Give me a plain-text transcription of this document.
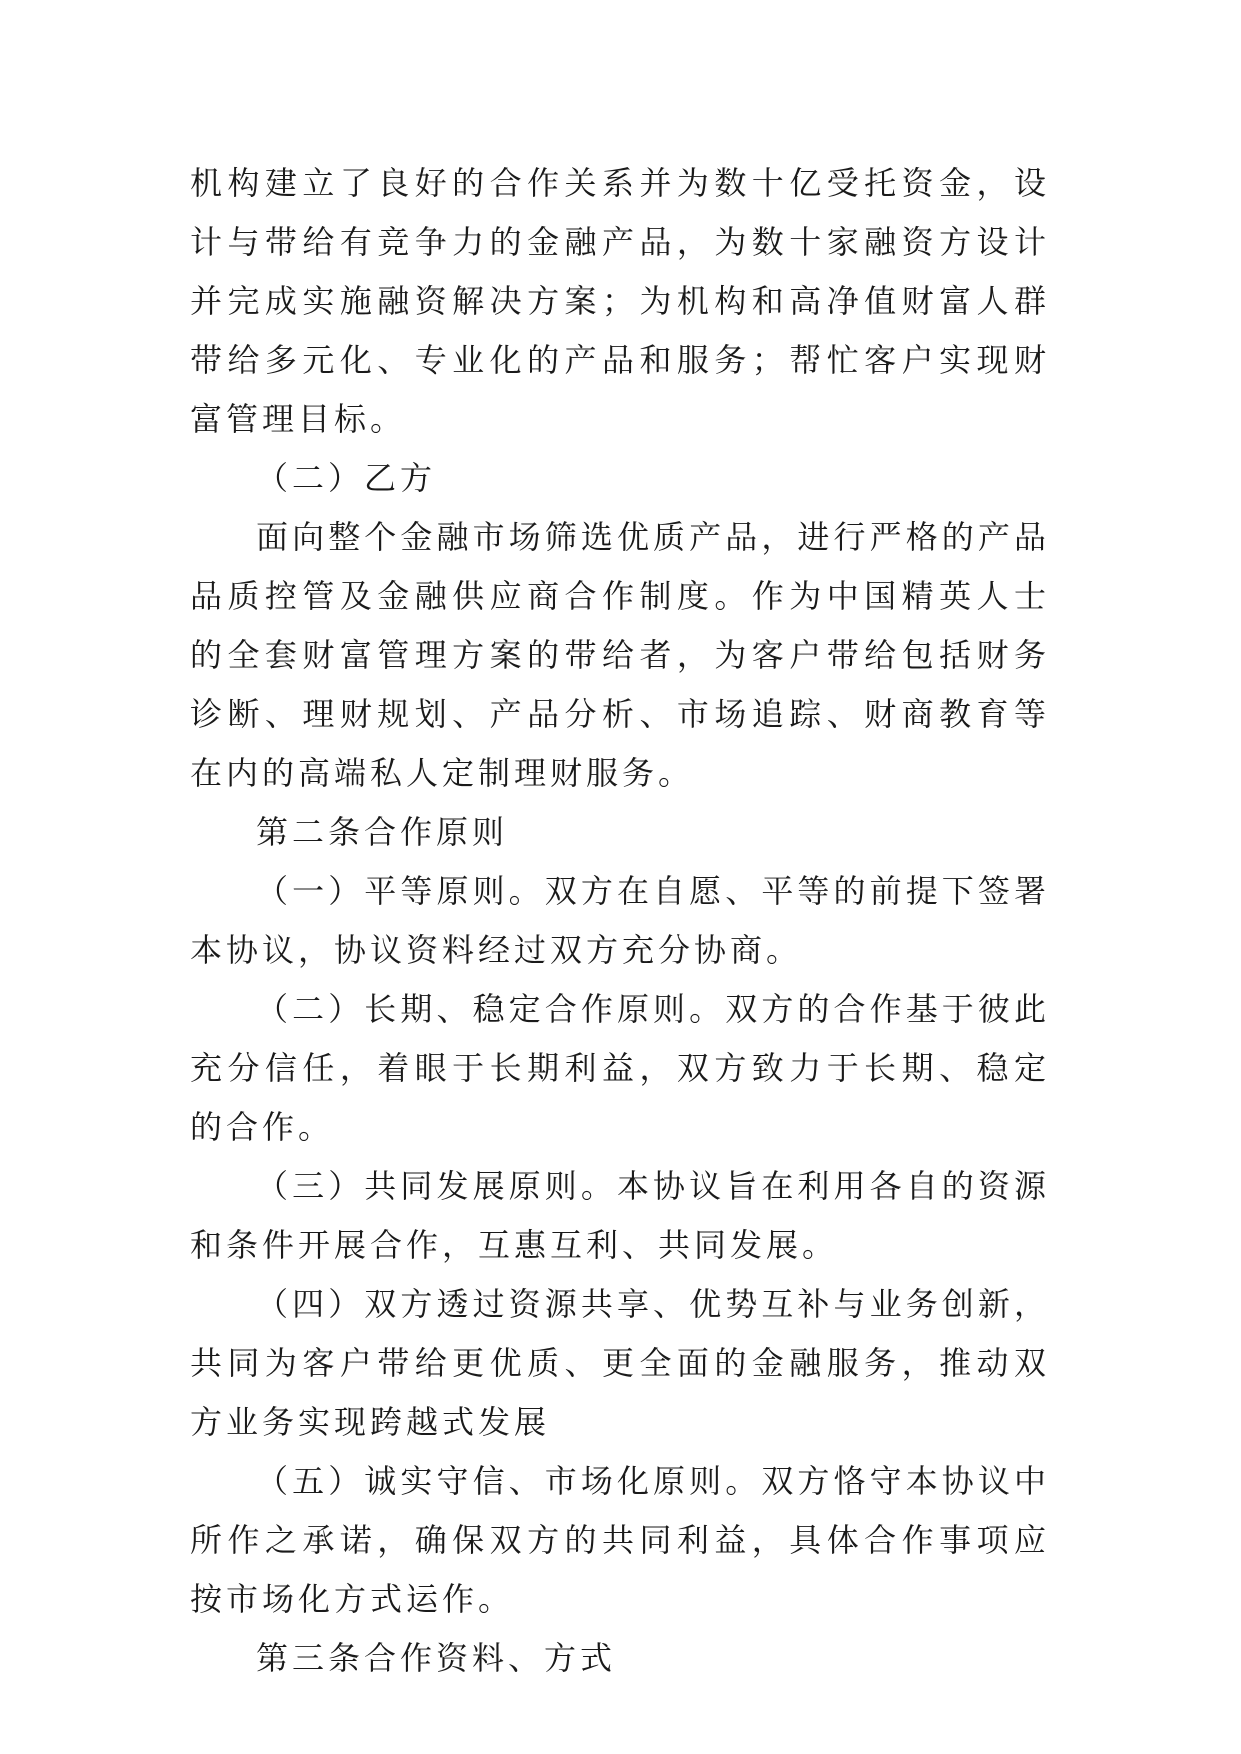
机构建立了良好的合作关系并为数十亿受托资金，设计与带给有竞争力的金融产品，为数十家融资方设计并完成实施融资解决方案；为机构和高净值财富人群带给多元化、专业化的产品和服务；帮忙客户实现财富管理目标。

（二）乙方

面向整个金融市场筛选优质产品，进行严格的产品品质控管及金融供应商合作制度。作为中国精英人士的全套财富管理方案的带给者，为客户带给包括财务诊断、理财规划、产品分析、市场追踪、财商教育等在内的高端私人定制理财服务。

第二条合作原则

（一）平等原则。双方在自愿、平等的前提下签署本协议，协议资料经过双方充分协商。

（二）长期、稳定合作原则。双方的合作基于彼此充分信任，着眼于长期利益，双方致力于长期、稳定的合作。

（三）共同发展原则。本协议旨在利用各自的资源和条件开展合作，互惠互利、共同发展。

（四）双方透过资源共享、优势互补与业务创新，共同为客户带给更优质、更全面的金融服务，推动双方业务实现跨越式发展

（五）诚实守信、市场化原则。双方恪守本协议中所作之承诺，确保双方的共同利益，具体合作事项应按市场化方式运作。

第三条合作资料、方式
